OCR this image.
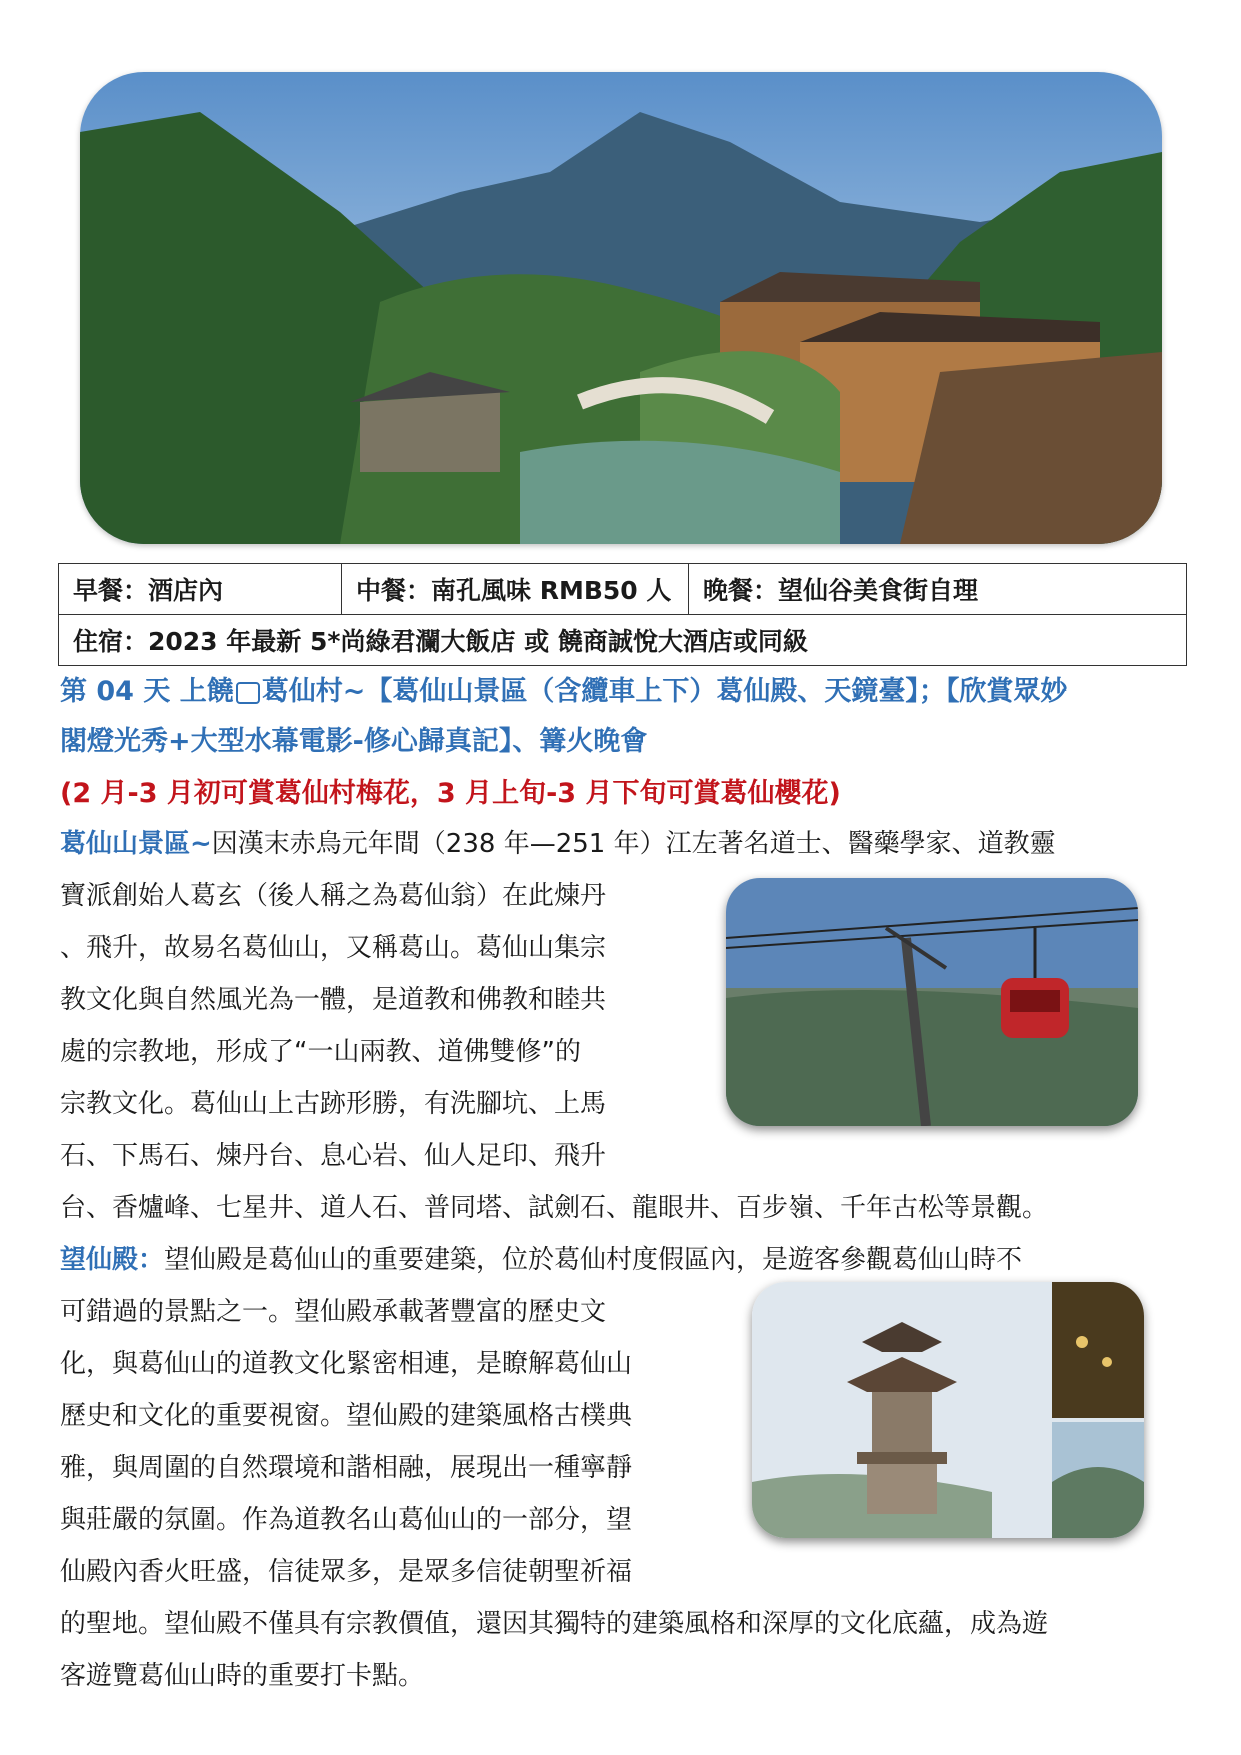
早餐：酒店內	中餐：南孔風味 RMB50 人	晚餐：望仙谷美食街自理
住宿：2023 年最新 5*尚綠君瀾大飯店 或 饒商誠悅大酒店或同級
第 04 天 上饒 葛仙村~【葛仙山景區（含纜車上下）葛仙殿、天鏡臺】；【欣賞眾妙
閣燈光秀+大型水幕電影-修心歸真記】、篝火晚會
(2 月-3 月初可賞葛仙村梅花，3 月上旬-3 月下旬可賞葛仙櫻花)
葛仙山景區~因漢末赤烏元年間（238 年—251 年）江左著名道士、醫藥學家、道教靈
寶派創始人葛玄（後人稱之為葛仙翁）在此煉丹
、飛升，故易名葛仙山，又稱葛山。葛仙山集宗
教文化與自然風光為一體，是道教和佛教和睦共
處的宗教地，形成了“一山兩教、道佛雙修”的
宗教文化。葛仙山上古跡形勝，有洗腳坑、上馬
石、下馬石、煉丹台、息心岩、仙人足印、飛升
台、香爐峰、七星井、道人石、普同塔、試劍石、龍眼井、百步嶺、千年古松等景觀。
望仙殿：望仙殿是葛仙山的重要建築，位於葛仙村度假區內，是遊客參觀葛仙山時不
可錯過的景點之一。望仙殿承載著豐富的歷史文
化，與葛仙山的道教文化緊密相連，是瞭解葛仙山
歷史和文化的重要視窗。望仙殿的建築風格古樸典
雅，與周圍的自然環境和諧相融，展現出一種寧靜
與莊嚴的氛圍。作為道教名山葛仙山的一部分，望
仙殿內香火旺盛，信徒眾多，是眾多信徒朝聖祈福
的聖地。望仙殿不僅具有宗教價值，還因其獨特的建築風格和深厚的文化底蘊，成為遊
客遊覽葛仙山時的重要打卡點。
